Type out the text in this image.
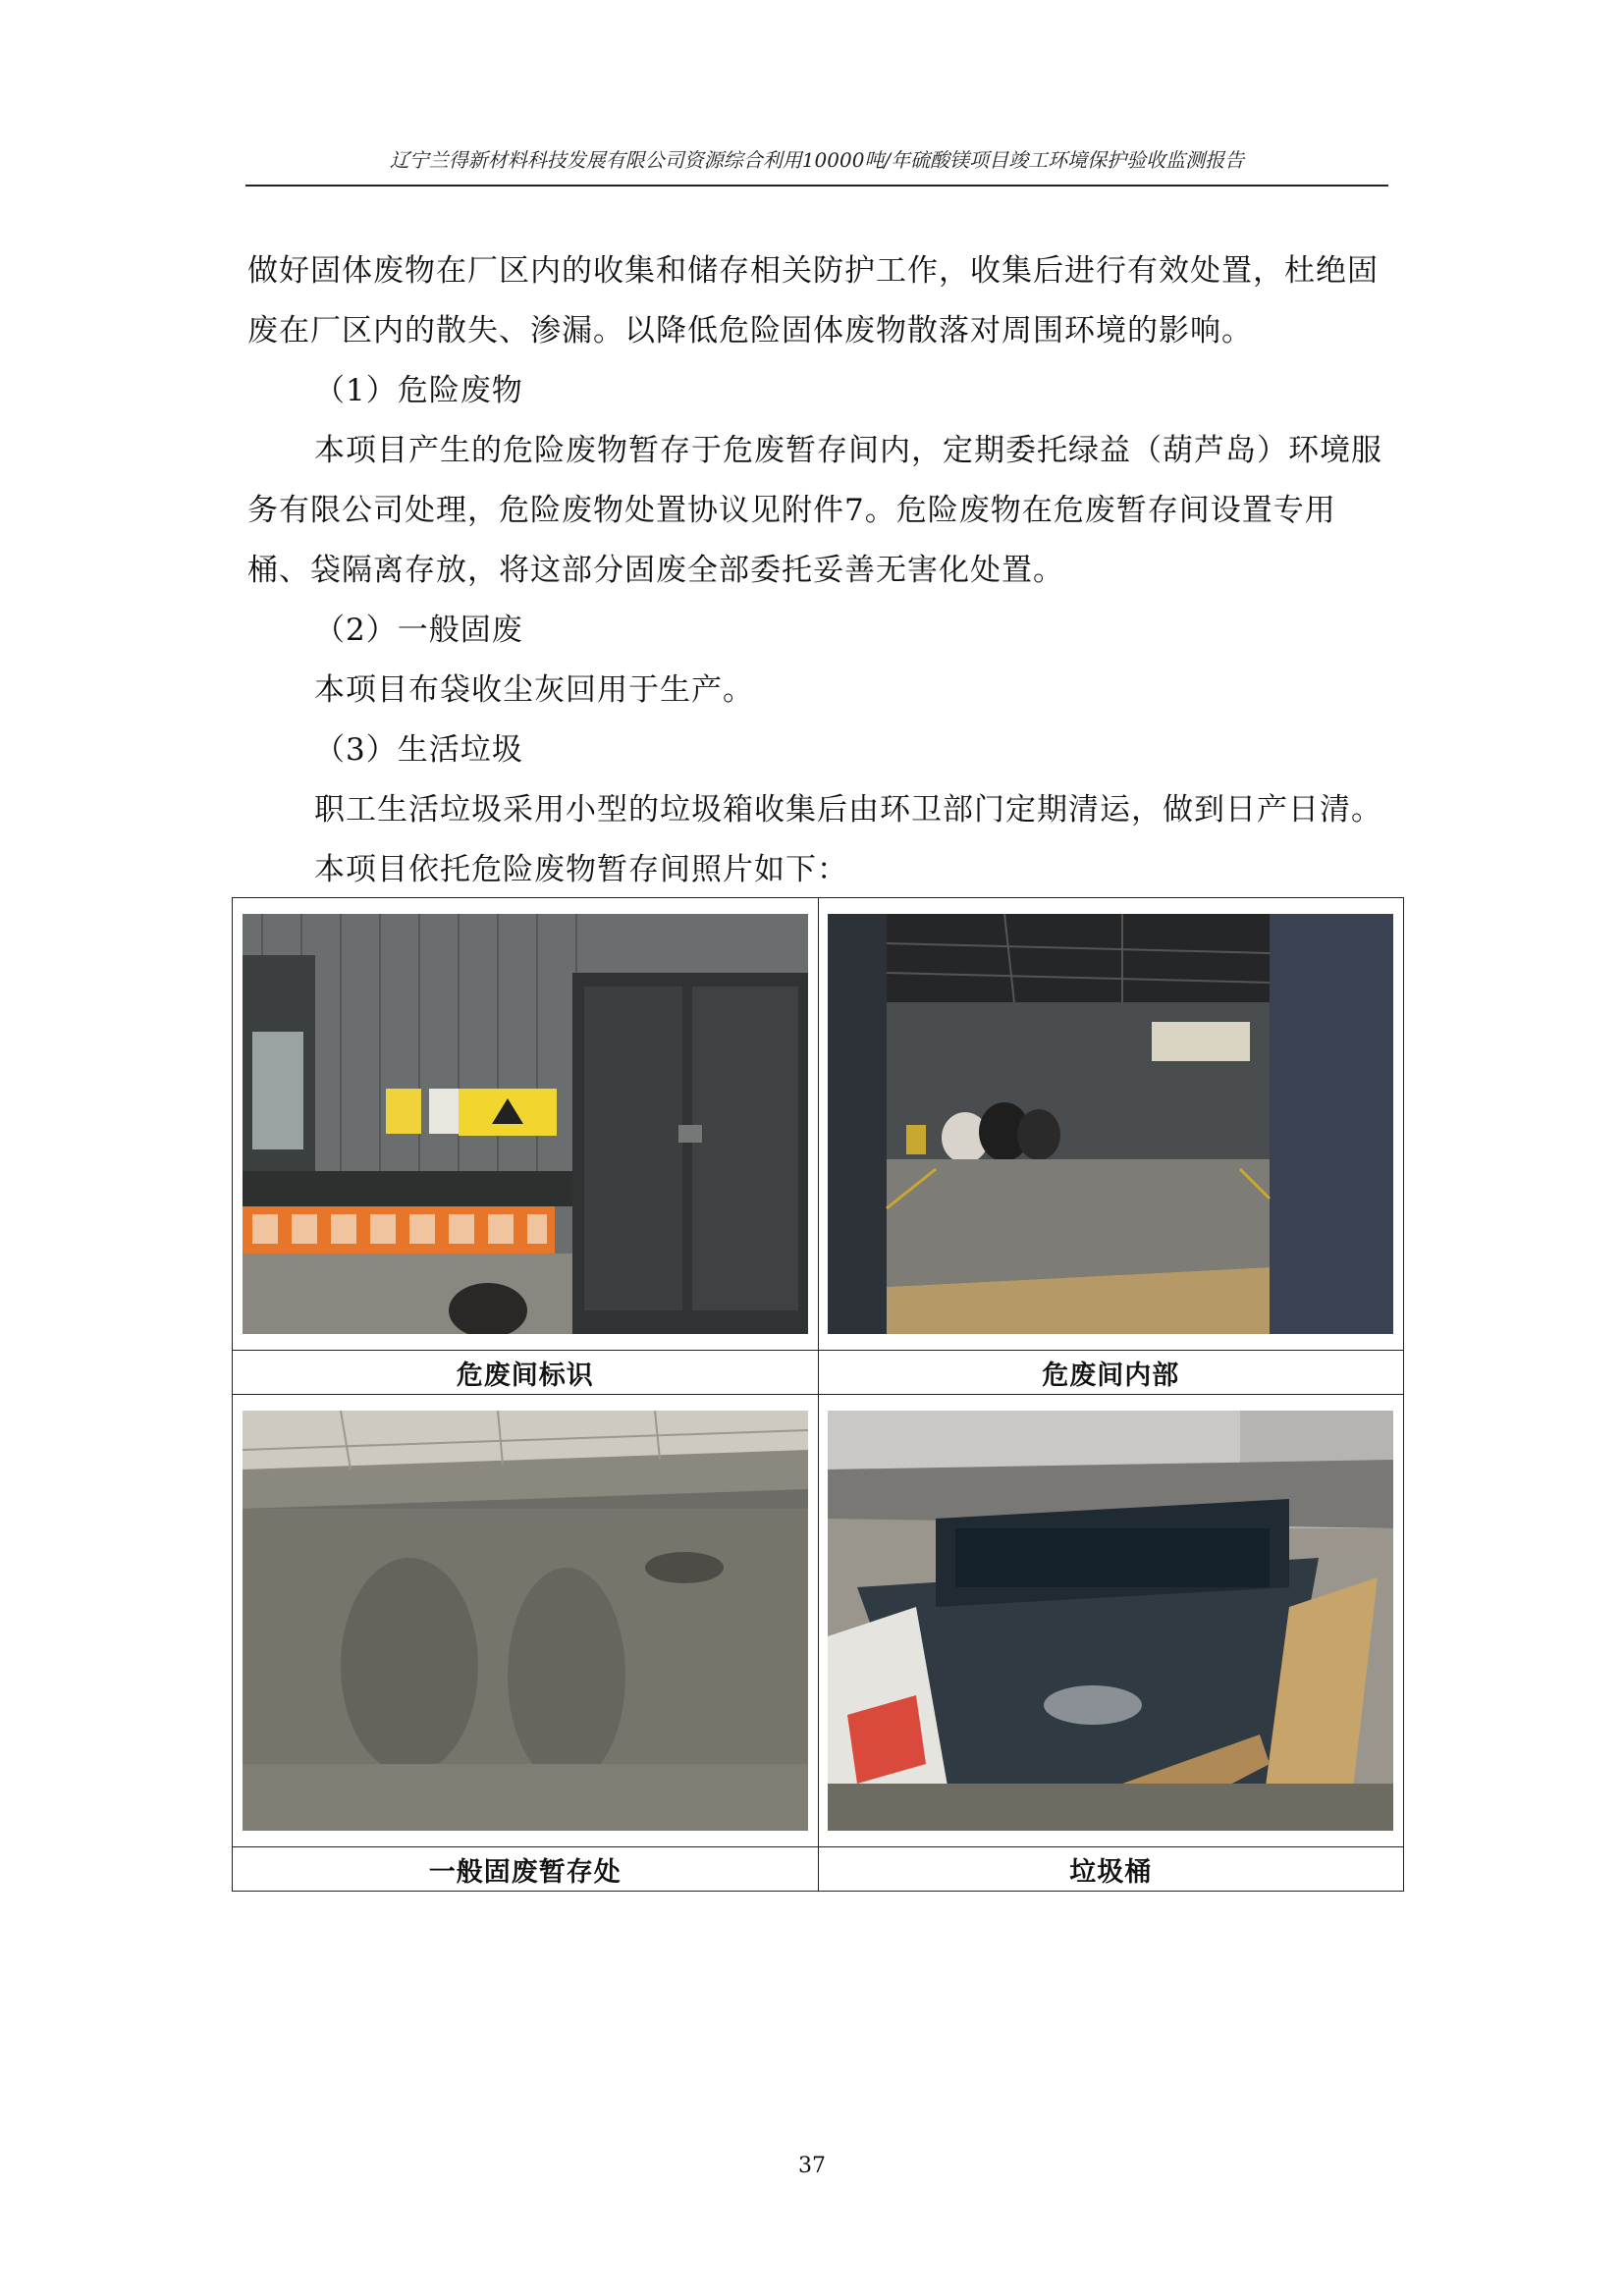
辽宁兰得新材料科技发展有限公司资源综合利用10000吨/年硫酸镁项目竣工环境保护验收监测报告

做好固体废物在厂区内的收集和储存相关防护工作，收集后进行有效处置，杜绝固废在厂区内的散失、渗漏。以降低危险固体废物散落对周围环境的影响。

（1）危险废物

本项目产生的危险废物暂存于危废暂存间内，定期委托绿益（葫芦岛）环境服务有限公司处理，危险废物处置协议见附件7。危险废物在危废暂存间设置专用桶、袋隔离存放，将这部分固废全部委托妥善无害化处置。

（2）一般固废

本项目布袋收尘灰回用于生产。

（3）生活垃圾

职工生活垃圾采用小型的垃圾箱收集后由环卫部门定期清运，做到日产日清。

本项目依托危险废物暂存间照片如下：

危废间标识	危废间内部

一般固废暂存处	垃圾桶
37
